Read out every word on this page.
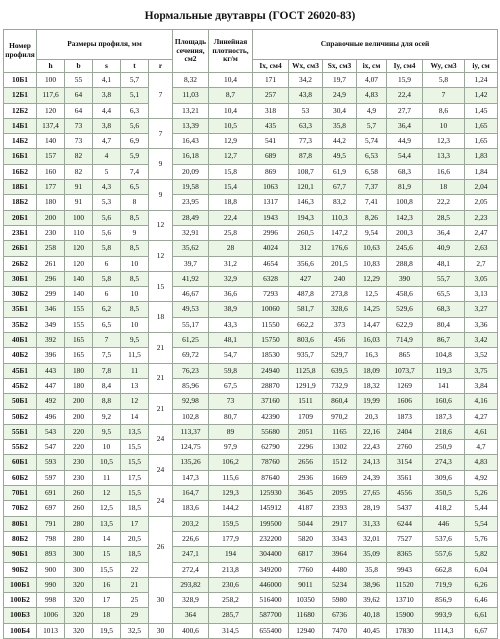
Нормальные двутавры (ГОСТ 26020-83)
Номер профиля	Размеры профиля, мм					Площадь сечения, см2	Линейная плотность, кг/м	Справочные величины для осей						
	h	b	s	t	r			Ix, см4	Wx, см3	Sx, см3	ix, см	Iy, см4	Wy, см3	iy, см
10Б1	100	55	4,1	5,7	7	8,32	10,4	171	34,2	19,7	4,07	15,9	5,8	1,24
12Б1	117,6	64	3,8	5,1		11,03	8,7	257	43,8	24,9	4,83	22,4	7	1,42
12Б2	120	64	4,4	6,3		13,21	10,4	318	53	30,4	4,9	27,7	8,6	1,45
14Б1	137,4	73	3,8	5,6	7	13,39	10,5	435	63,3	35,8	5,7	36,4	10	1,65
14Б2	140	73	4,7	6,9		16,43	12,9	541	77,3	44,2	5,74	44,9	12,3	1,65
16Б1	157	82	4	5,9	9	16,18	12,7	689	87,8	49,5	6,53	54,4	13,3	1,83
16Б2	160	82	5	7,4		20,09	15,8	869	108,7	61,9	6,58	68,3	16,6	1,84
18Б1	177	91	4,3	6,5	9	19,58	15,4	1063	120,1	67,7	7,37	81,9	18	2,04
18Б2	180	91	5,3	8		23,95	18,8	1317	146,3	83,2	7,41	100,8	22,2	2,05
20Б1	200	100	5,6	8,5	12	28,49	22,4	1943	194,3	110,3	8,26	142,3	28,5	2,23
23Б1	230	110	5,6	9		32,91	25,8	2996	260,5	147,2	9,54	200,3	36,4	2,47
26Б1	258	120	5,8	8,5	12	35,62	28	4024	312	176,6	10,63	245,6	40,9	2,63
26Б2	261	120	6	10		39,7	31,2	4654	356,6	201,5	10,83	288,8	48,1	2,7
30Б1	296	140	5,8	8,5	15	41,92	32,9	6328	427	240	12,29	390	55,7	3,05
30Б2	299	140	6	10		46,67	36,6	7293	487,8	273,8	12,5	458,6	65,5	3,13
35Б1	346	155	6,2	8,5	18	49,53	38,9	10060	581,7	328,6	14,25	529,6	68,3	3,27
35Б2	349	155	6,5	10		55,17	43,3	11550	662,2	373	14,47	622,9	80,4	3,36
40Б1	392	165	7	9,5	21	61,25	48,1	15750	803,6	456	16,03	714,9	86,7	3,42
40Б2	396	165	7,5	11,5		69,72	54,7	18530	935,7	529,7	16,3	865	104,8	3,52
45Б1	443	180	7,8	11	21	76,23	59,8	24940	1125,8	639,5	18,09	1073,7	119,3	3,75
45Б2	447	180	8,4	13		85,96	67,5	28870	1291,9	732,9	18,32	1269	141	3,84
50Б1	492	200	8,8	12	21	92,98	73	37160	1511	860,4	19,99	1606	160,6	4,16
50Б2	496	200	9,2	14		102,8	80,7	42390	1709	970,2	20,3	1873	187,3	4,27
55Б1	543	220	9,5	13,5	24	113,37	89	55680	2051	1165	22,16	2404	218,6	4,61
55Б2	547	220	10	15,5		124,75	97,9	62790	2296	1302	22,43	2760	250,9	4,7
60Б1	593	230	10,5	15,5	24	135,26	106,2	78760	2656	1512	24,13	3154	274,3	4,83
60Б2	597	230	11	17,5		147,3	115,6	87640	2936	1669	24,39	3561	309,6	4,92
70Б1	691	260	12	15,5	24	164,7	129,3	125930	3645	2095	27,65	4556	350,5	5,26
70Б2	697	260	12,5	18,5		183,6	144,2	145912	4187	2393	28,19	5437	418,2	5,44
80Б1	791	280	13,5	17	26	203,2	159,5	199500	5044	2917	31,33	6244	446	5,54
80Б2	798	280	14	20,5		226,6	177,9	232200	5820	3343	32,01	7527	537,6	5,76
90Б1	893	300	15	18,5		247,1	194	304400	6817	3964	35,09	8365	557,6	5,82
90Б2	900	300	15,5	22		272,4	213,8	349200	7760	4480	35,8	9943	662,8	6,04
100Б1	990	320	16	21	30	293,82	230,6	446000	9011	5234	38,96	11520	719,9	6,26
100Б2	998	320	17	25		328,9	258,2	516400	10350	5980	39,62	13710	856,9	6,46
100Б3	1006	320	18	29		364	285,7	587700	11680	6736	40,18	15900	993,9	6,61
100Б4	1013	320	19,5	32,5	30	400,6	314,5	655400	12940	7470	40,45	17830	1114,3	6,67
